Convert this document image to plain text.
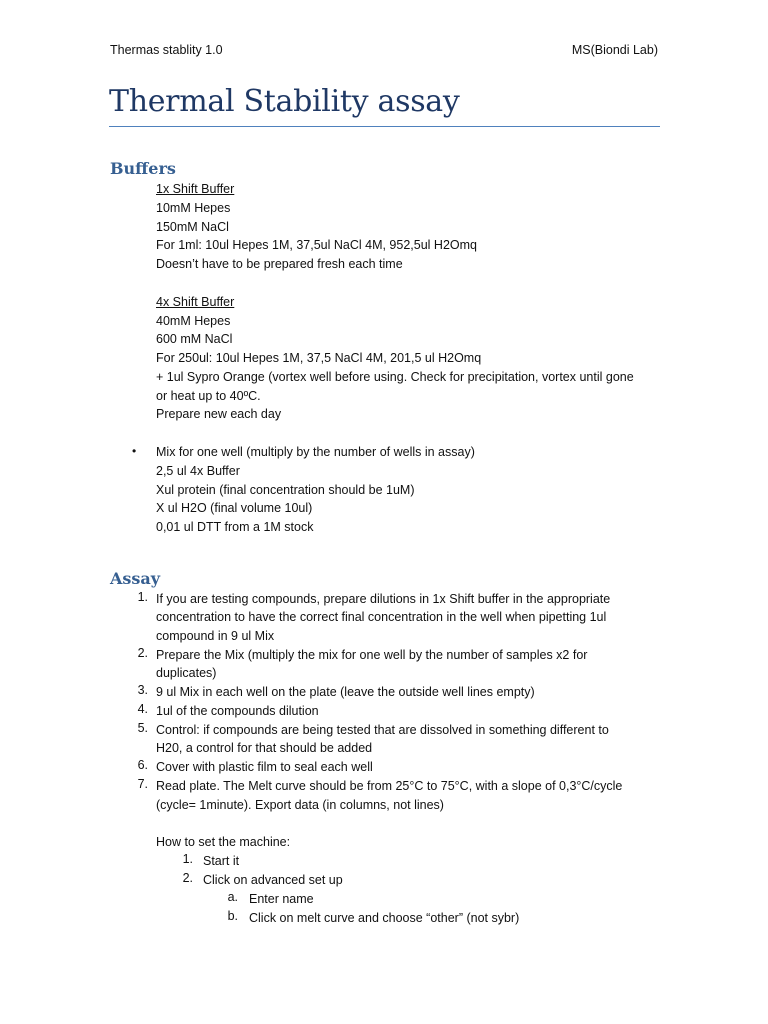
Thermas stablity 1.0	MS(Biondi Lab)
Thermal Stability assay
Buffers
1x Shift Buffer
10mM Hepes
150mM NaCl
For 1ml: 10ul Hepes 1M, 37,5ul NaCl 4M, 952,5ul H2Omq
Doesn’t have to be prepared fresh each time
4x Shift Buffer
40mM Hepes
600 mM NaCl
For 250ul: 10ul Hepes 1M, 37,5 NaCl 4M, 201,5 ul H2Omq
+ 1ul Sypro Orange (vortex well before using. Check for precipitation, vortex until gone
or heat up to 40ºC.
Prepare new each day
• Mix for one well (multiply by the number of wells in assay)
2,5 ul 4x Buffer
Xul protein (final concentration should be 1uM)
X ul H2O (final volume 10ul)
0,01 ul DTT from a 1M stock
Assay
1. If you are testing compounds, prepare dilutions in 1x Shift buffer in the appropriate
concentration to have the correct final concentration in the well when pipetting 1ul
compound in 9 ul Mix
2. Prepare the Mix (multiply the mix for one well by the number of samples x2 for
duplicates)
3. 9 ul Mix in each well on the plate (leave the outside well lines empty)
4. 1ul of the compounds dilution
5. Control: if compounds are being tested that are dissolved in something different to
H20, a control for that should be added
6. Cover with plastic film to seal each well
7. Read plate. The Melt curve should be from 25°C to 75°C, with a slope of 0,3°C/cycle
(cycle= 1minute). Export data (in columns, not lines)
How to set the machine:
1. Start it
2. Click on advanced set up
a. Enter name
b. Click on melt curve and choose “other” (not sybr)
